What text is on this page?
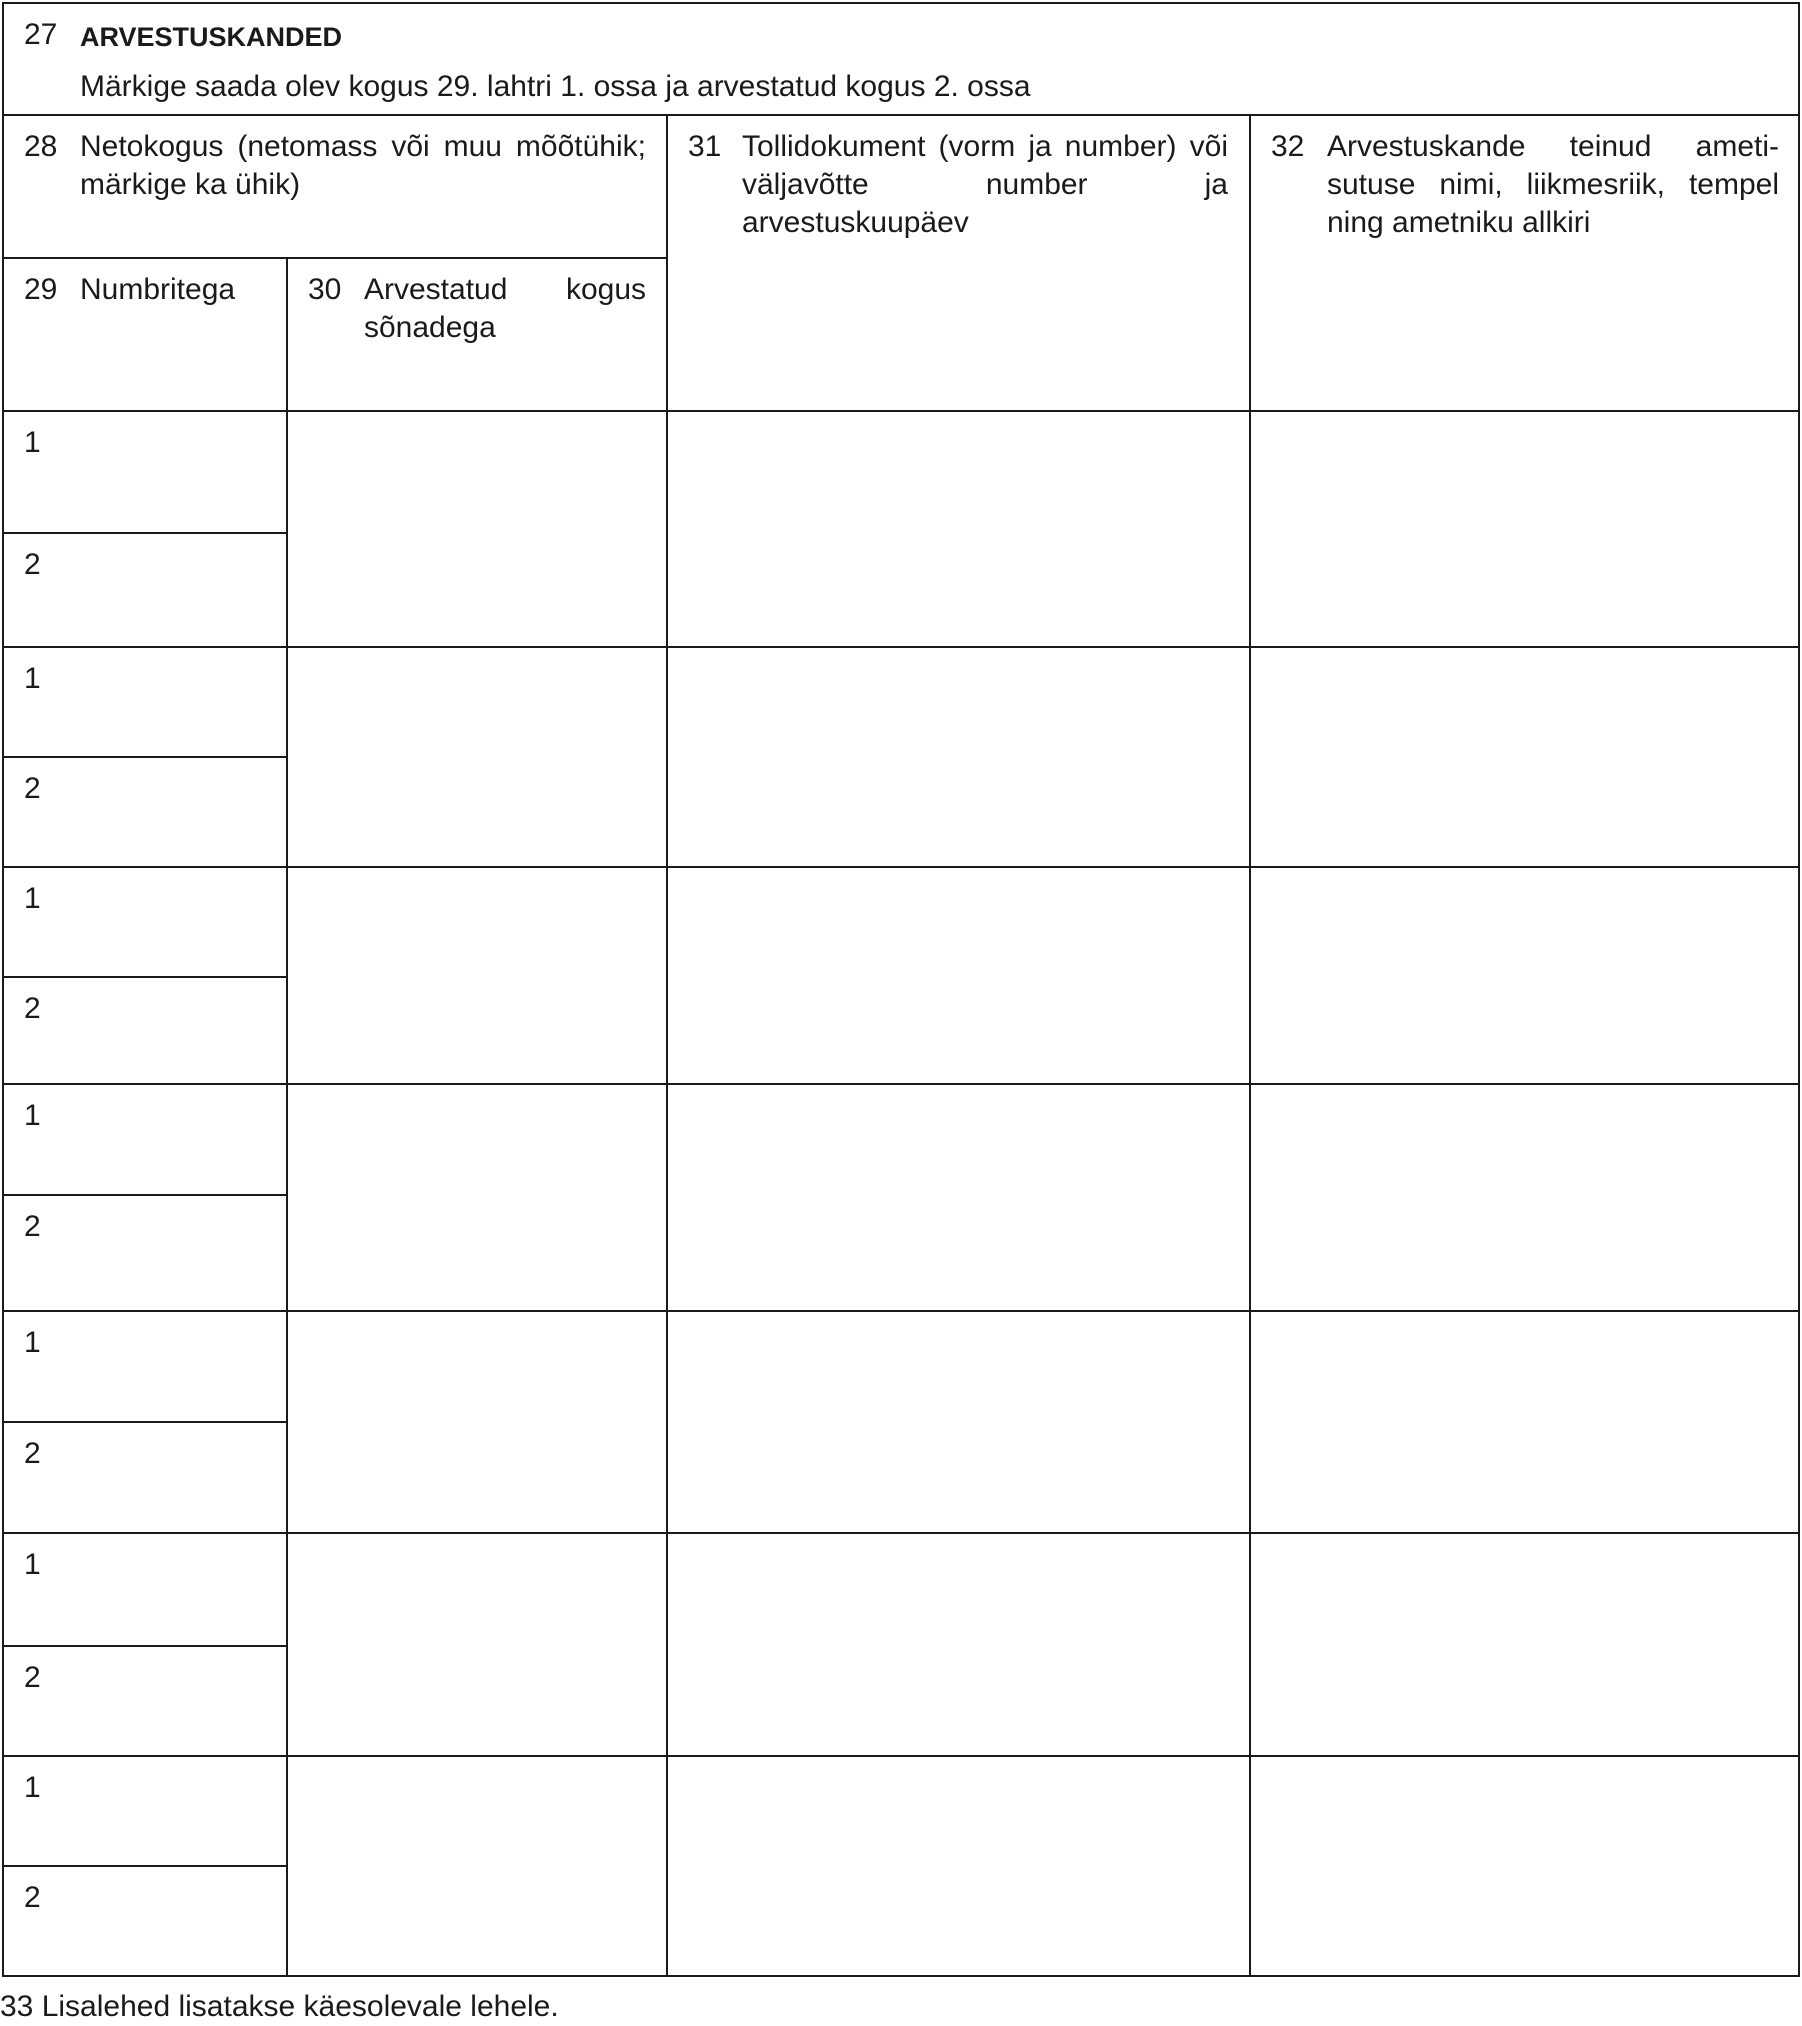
27 ARVESTUSKANDED
Märkige saada olev kogus 29. lahtri 1. ossa ja arvestatud kogus 2. ossa
28 Netokogus (netomass või muu mõõtühik; märkige ka ühik)
29 Numbritega 30 Arvestatud kogus sõnadega
31 Tollidokument (vorm ja number) või väljavõtte number ja arvestuskuupäev
32 Arvestuskande teinud ameti-sutuse nimi, liikmesriik, tempel ning ametniku allkiri
1
2
1
2
1
2
1
2
1
2
1
2
1
2
33 Lisalehed lisatakse käesolevale lehele.
